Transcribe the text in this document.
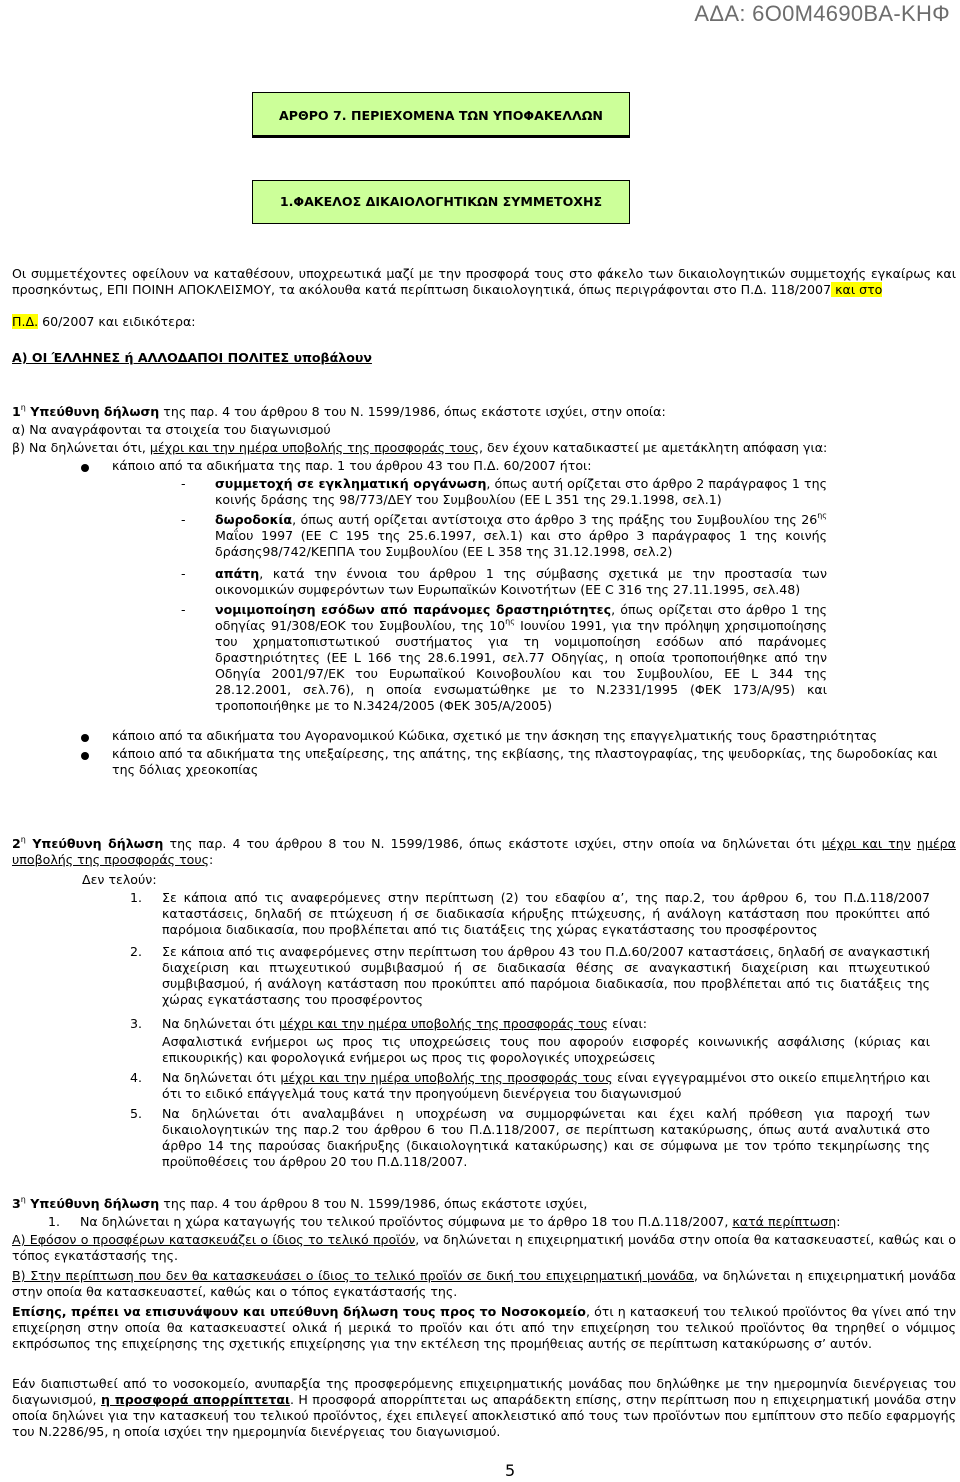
ΑΔΑ: 6Ο0Μ4690ΒΑ-ΚΗΦ
ΑΡΘΡΟ 7. ΠΕΡΙΕΧΟΜΕΝΑ ΤΩΝ ΥΠΟΦΑΚΕΛΛΩΝ
1.ΦΑΚΕΛΟΣ ΔΙΚΑΙΟΛΟΓΗΤΙΚΩΝ ΣΥΜΜΕΤΟΧΗΣ
Οι συμμετέχοντες οφείλουν να καταθέσουν, υποχρεωτικά μαζί με την προσφορά τους στο φάκελο των δικαιολογητικών συμμετοχής εγκαίρως και προσηκόντως, ΕΠΙ ΠΟΙΝΗ ΑΠΟΚΛΕΙΣΜΟΥ, τα ακόλουθα κατά περίπτωση δικαιολογητικά, όπως περιγράφονται στο Π.Δ. 118/2007 και στο
Π.Δ. 60/2007 και ειδικότερα:
Α) ΟΙ ΈΛΛΗΝΕΣ ή ΑΛΛΟΔΑΠΟΙ ΠΟΛΙΤΕΣ υποβάλουν
$1^\eta$ Υπεύθυνη δήλωση της παρ. 4 του άρθρου 8 του Ν. 1599/1986, όπως εκάστοτε ισχύει, στην οποία:
α) Να αναγράφονται τα στοιχεία του διαγωνισμού
β) Να δηλώνεται ότι, μέχρι και την ημέρα υποβολής της προσφοράς τους, δεν έχουν καταδικαστεί με αμετάκλητη απόφαση για:
κάποιο από τα αδικήματα της παρ. 1 του άρθρου 43 του Π.Δ. 60/2007 ήτοι:
- συμμετοχή σε εγκληματική οργάνωση, όπως αυτή ορίζεται στο άρθρο 2 παράγραφος 1 της κοινής δράσης της 98/773/ΔΕΥ του Συμβουλίου (ΕΕ L 351 της 29.1.1998, σελ.1)
- δωροδοκία, όπως αυτή ορίζεται αντίστοιχα στο άρθρο 3 της πράξης του Συμβουλίου της $26^{\eta\varsigma}$ Μαΐου 1997 (ΕΕ C 195 της 25.6.1997, σελ.1) και στο άρθρο 3 παράγραφος 1 της κοινής δράσης98/742/ΚΕΠΠΑ του Συμβουλίου (ΕΕ L 358 της 31.12.1998, σελ.2)
- απάτη, κατά την έννοια του άρθρου 1 της σύμβασης σχετικά με την προστασία των οικονομικών συμφερόντων των Ευρωπαϊκών Κοινοτήτων (ΕΕ C 316 της 27.11.1995, σελ.48)
- νομιμοποίηση εσόδων από παράνομες δραστηριότητες, όπως ορίζεται στο άρθρο 1 της οδηγίας 91/308/ΕΟΚ του Συμβουλίου, της $10^{\eta\varsigma}$ Ιουνίου 1991, για την πρόληψη χρησιμοποίησης του χρηματοπιστωτικού συστήματος για τη νομιμοποίηση εσόδων από παράνομες δραστηριότητες (ΕΕ L 166 της 28.6.1991, σελ.77 Οδηγίας, η οποία τροποποιήθηκε από την Οδηγία 2001/97/ΕΚ του Ευρωπαϊκού Κοινοβουλίου και του Συμβουλίου, ΕΕ L 344 της 28.12.2001, σελ.76), η οποία ενσωματώθηκε με το Ν.2331/1995 (ΦΕΚ 173/Α/95) και τροποποιήθηκε με το Ν.3424/2005 (ΦΕΚ 305/Α/2005)
κάποιο από τα αδικήματα του Αγορανομικού Κώδικα, σχετικό με την άσκηση της επαγγελματικής τους δραστηριότητας
κάποιο από τα αδικήματα της υπεξαίρεσης, της απάτης, της εκβίασης, της πλαστογραφίας, της ψευδορκίας, της δωροδοκίας και της δόλιας χρεοκοπίας
$2^\eta$ Υπεύθυνη δήλωση της παρ. 4 του άρθρου 8 του Ν. 1599/1986, όπως εκάστοτε ισχύει, στην οποία να δηλώνεται ότι μέχρι και την ημέρα υποβολής της προσφοράς τους:
Δεν τελούν:
1. Σε κάποια από τις αναφερόμενες στην περίπτωση (2) του εδαφίου α’, της παρ.2, του άρθρου 6, του Π.Δ.118/2007 καταστάσεις, δηλαδή σε πτώχευση ή σε διαδικασία κήρυξης πτώχευσης, ή ανάλογη κατάσταση που προκύπτει από παρόμοια διαδικασία, που προβλέπεται από τις διατάξεις της χώρας εγκατάστασης του προσφέροντος
2. Σε κάποια από τις αναφερόμενες στην περίπτωση του άρθρου 43 του Π.Δ.60/2007 καταστάσεις, δηλαδή σε αναγκαστική διαχείριση και πτωχευτικού συμβιβασμού ή σε διαδικασία θέσης σε αναγκαστική διαχείριση και πτωχευτικού συμβιβασμού, ή ανάλογη κατάσταση που προκύπτει από παρόμοια διαδικασία, που προβλέπεται από τις διατάξεις της χώρας εγκατάστασης του προσφέροντος
3. Να δηλώνεται ότι μέχρι και την ημέρα υποβολής της προσφοράς τους είναι:
Ασφαλιστικά ενήμεροι ως προς τις υποχρεώσεις τους που αφορούν εισφορές κοινωνικής ασφάλισης (κύριας και επικουρικής) και φορολογικά ενήμεροι ως προς τις φορολογικές υποχρεώσεις
4. Να δηλώνεται ότι μέχρι και την ημέρα υποβολής της προσφοράς τους είναι εγγεγραμμένοι στο οικείο επιμελητήριο και ότι το ειδικό επάγγελμά τους κατά την προηγούμενη διενέργεια του διαγωνισμού
5. Να δηλώνεται ότι αναλαμβάνει η υποχρέωση να συμμορφώνεται και έχει καλή πρόθεση για παροχή των δικαιολογητικών της παρ.2 του άρθρου 6 του Π.Δ.118/2007, σε περίπτωση κατακύρωσης, όπως αυτά αναλυτικά στο άρθρο 14 της παρούσας διακήρυξης (δικαιολογητικά κατακύρωσης) και σε σύμφωνα με τον τρόπο τεκμηρίωσης της προϋποθέσεις του άρθρου 20 του Π.Δ.118/2007.
$3^\eta$ Υπεύθυνη δήλωση της παρ. 4 του άρθρου 8 του Ν. 1599/1986, όπως εκάστοτε ισχύει,
1.	Να δηλώνεται η χώρα καταγωγής του τελικού προϊόντος σύμφωνα με το άρθρο 18 του Π.Δ.118/2007, κατά περίπτωση:
Α) Εφόσον ο προσφέρων κατασκευάζει ο ίδιος το τελικό προϊόν, να δηλώνεται η επιχειρηματική μονάδα στην οποία θα κατασκευαστεί, καθώς και ο τόπος εγκατάστασής της.
Β) Στην περίπτωση που δεν θα κατασκευάσει ο ίδιος το τελικό προϊόν σε δική του επιχειρηματική μονάδα, να δηλώνεται η επιχειρηματική μονάδα στην οποία θα κατασκευαστεί, καθώς και ο τόπος εγκατάστασής της.
Επίσης, πρέπει να επισυνάψουν και υπεύθυνη δήλωση τους προς το Νοσοκομείο, ότι η κατασκευή του τελικού προϊόντος θα γίνει από την επιχείρηση στην οποία θα κατασκευαστεί ολικά ή μερικά το προϊόν και ότι από την επιχείρηση του τελικού προϊόντος θα τηρηθεί ο νόμιμος εκπρόσωπος της επιχείρησης της σχετικής επιχείρησης για την εκτέλεση της προμήθειας αυτής σε περίπτωση κατακύρωσης σ’ αυτόν.
Εάν διαπιστωθεί από το νοσοκομείο, ανυπαρξία της προσφερόμενης επιχειρηματικής μονάδας που δηλώθηκε με την ημερομηνία διενέργειας του διαγωνισμού, η προσφορά απορρίπτεται. Η προσφορά απορρίπτεται ως απαράδεκτη επίσης, στην περίπτωση που η επιχειρηματική μονάδα στην οποία δηλώνει για την κατασκευή του τελικού προϊόντος, έχει επιλεγεί αποκλειστικό από τους των προϊόντων που εμπίπτουν στο πεδίο εφαρμογής του Ν.2286/95, η οποία ισχύει την ημερομηνία διενέργειας του διαγωνισμού.
5
